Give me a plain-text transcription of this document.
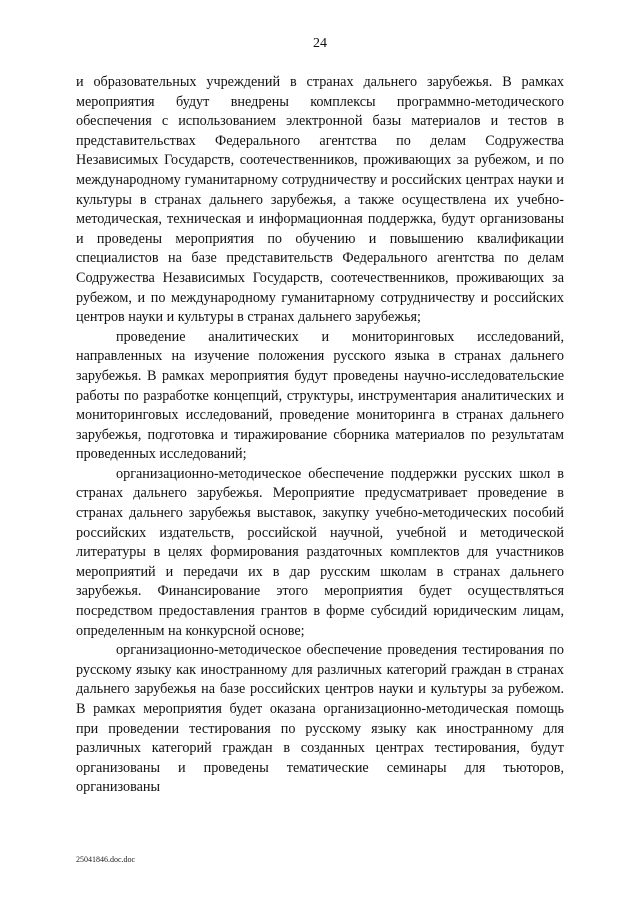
24

и образовательных учреждений в странах дальнего зарубежья. В рамках мероприятия будут внедрены комплексы программно-методического обеспечения с использованием электронной базы материалов и тестов в представительствах Федерального агентства по делам Содружества Независимых Государств, соотечественников, проживающих за рубежом, и по международному гуманитарному сотрудничеству и российских центрах науки и культуры в странах дальнего зарубежья, а также осуществлена их учебно-методическая, техническая и информационная поддержка, будут организованы и проведены мероприятия по обучению и повышению квалификации специалистов на базе представительств Федерального агентства по делам Содружества Независимых Государств, соотечественников, проживающих за рубежом, и по международному гуманитарному сотрудничеству и российских центров науки и культуры в странах дальнего зарубежья;

проведение аналитических и мониторинговых исследований, направленных на изучение положения русского языка в странах дальнего зарубежья. В рамках мероприятия будут проведены научно-исследовательские работы по разработке концепций, структуры, инструментария аналитических и мониторинговых исследований, проведение мониторинга в странах дальнего зарубежья, подготовка и тиражирование сборника материалов по результатам проведенных исследований;

организационно-методическое обеспечение поддержки русских школ в странах дальнего зарубежья. Мероприятие предусматривает проведение в странах дальнего зарубежья выставок, закупку учебно-методических пособий российских издательств, российской научной, учебной и методической литературы в целях формирования раздаточных комплектов для участников мероприятий и передачи их в дар русским школам в странах дальнего зарубежья. Финансирование этого мероприятия будет осуществляться посредством предоставления грантов в форме субсидий юридическим лицам, определенным на конкурсной основе;

организационно-методическое обеспечение проведения тестирования по русскому языку как иностранному для различных категорий граждан в странах дальнего зарубежья на базе российских центров науки и культуры за рубежом. В рамках мероприятия будет оказана организационно-методическая помощь при проведении тестирования по русскому языку как иностранному для различных категорий граждан в созданных центрах тестирования, будут организованы и проведены тематические семинары для тьюторов, организованы

25041846.doc.doc
